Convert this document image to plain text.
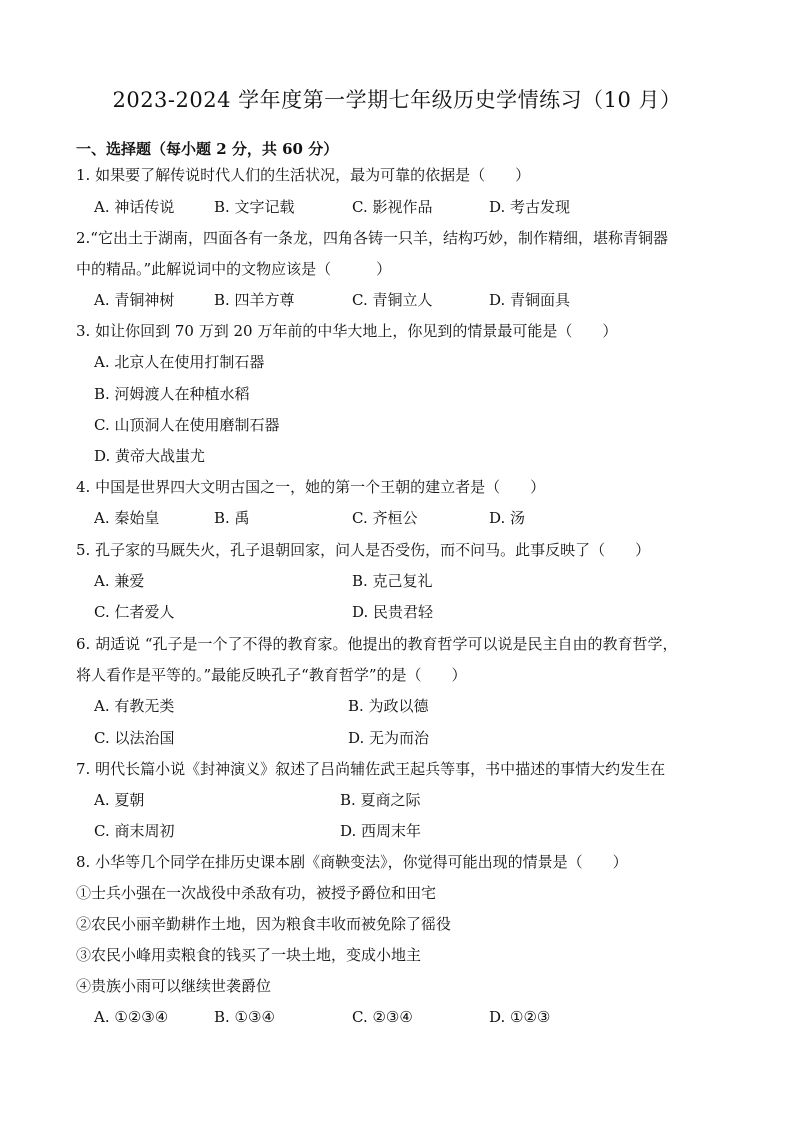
2023-2024 学年度第一学期七年级历史学情练习（10 月）
一、选择题（每小题 2 分，共 60 分）
1. 如果要了解传说时代人们的生活状况，最为可靠的依据是（　　）
A. 神话传说	B. 文字记载	C. 影视作品	D. 考古发现
2.“它出土于湖南，四面各有一条龙，四角各铸一只羊，结构巧妙，制作精细，堪称青铜器
中的精品。”此解说词中的文物应该是（　　　）
A. 青铜神树	B. 四羊方尊	C. 青铜立人	D. 青铜面具
3. 如让你回到 70 万到 20 万年前的中华大地上，你见到的情景最可能是（　　）
A. 北京人在使用打制石器
B. 河姆渡人在种植水稻
C. 山顶洞人在使用磨制石器
D. 黄帝大战蚩尤
4. 中国是世界四大文明古国之一，她的第一个王朝的建立者是（　　）
A. 秦始皇	B. 禹	C. 齐桓公	D. 汤
5. 孔子家的马厩失火，孔子退朝回家，问人是否受伤，而不问马。此事反映了（　　）
A. 兼爱	B. 克己复礼
C. 仁者爱人	D. 民贵君轻
6. 胡适说 “孔子是一个了不得的教育家。他提出的教育哲学可以说是民主自由的教育哲学，
将人看作是平等的。”最能反映孔子“教育哲学”的是（　　）
A. 有教无类	B. 为政以德
C. 以法治国	D. 无为而治
7. 明代长篇小说《封神演义》叙述了吕尚辅佐武王起兵等事，书中描述的事情大约发生在
A. 夏朝	B. 夏商之际
C. 商末周初	D. 西周末年
8. 小华等几个同学在排历史课本剧《商鞅变法》，你觉得可能出现的情景是（　　）
①士兵小强在一次战役中杀敌有功，被授予爵位和田宅
②农民小丽辛勤耕作土地，因为粮食丰收而被免除了徭役
③农民小峰用卖粮食的钱买了一块土地，变成小地主
④贵族小雨可以继续世袭爵位
A. ①②③④	B. ①③④	C. ②③④	D. ①②③
